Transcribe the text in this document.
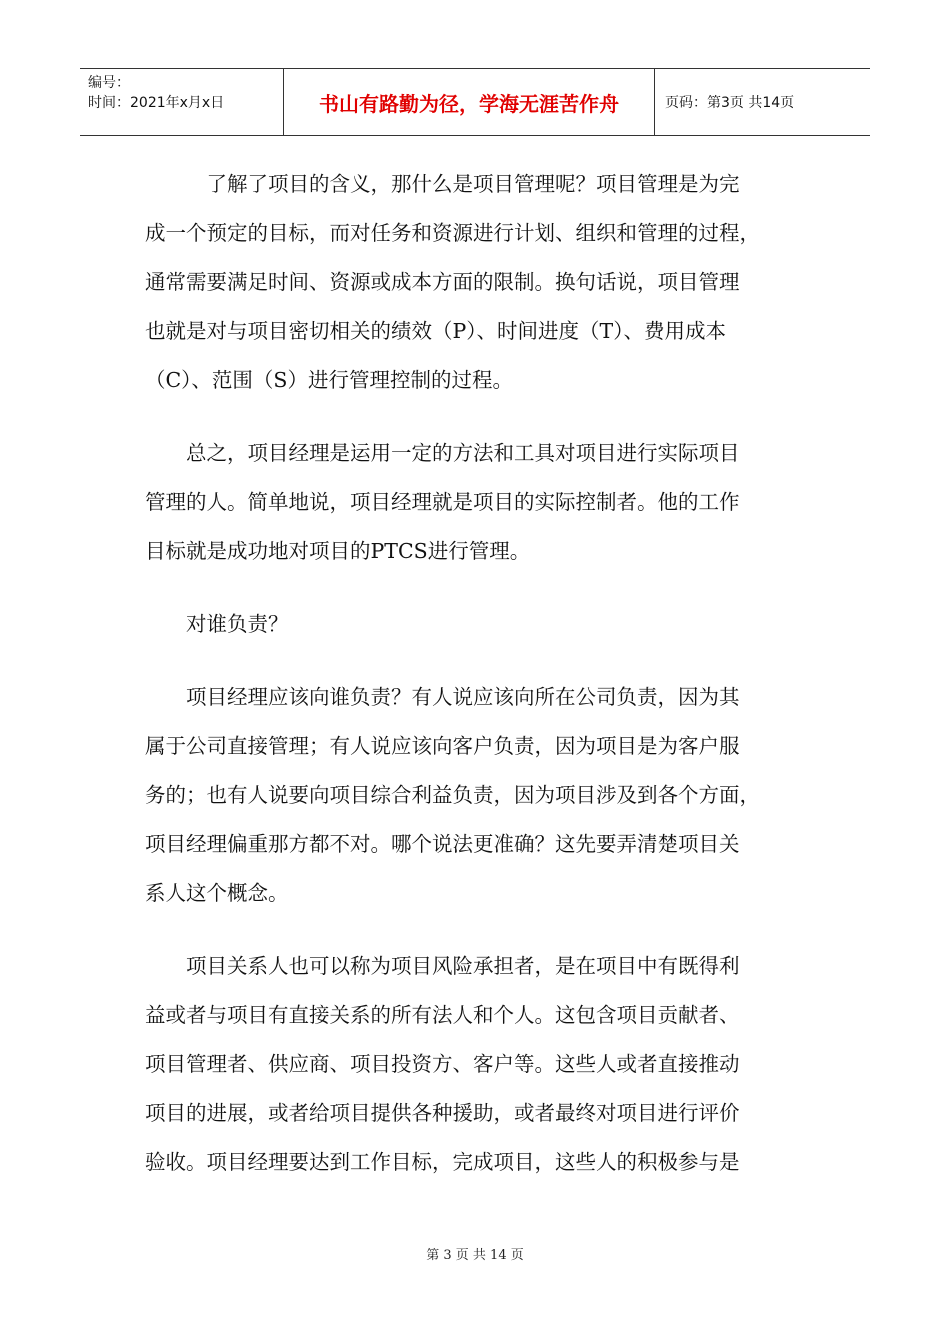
编号：
时间：2021年x月x日	书山有路勤为径，学海无涯苦作舟	页码：第3页 共14页
　　　了解了项目的含义，那什么是项目管理呢？项目管理是为完
成一个预定的目标，而对任务和资源进行计划、组织和管理的过程，
通常需要满足时间、资源或成本方面的限制。换句话说，项目管理
也就是对与项目密切相关的绩效（P）、时间进度（T）、费用成本
（C）、范围（S）进行管理控制的过程。
　　总之，项目经理是运用一定的方法和工具对项目进行实际项目
管理的人。简单地说，项目经理就是项目的实际控制者。他的工作
目标就是成功地对项目的PTCS进行管理。
　　对谁负责？
　　项目经理应该向谁负责？有人说应该向所在公司负责，因为其
属于公司直接管理；有人说应该向客户负责，因为项目是为客户服
务的；也有人说要向项目综合利益负责，因为项目涉及到各个方面，
项目经理偏重那方都不对。哪个说法更准确？这先要弄清楚项目关
系人这个概念。
　　项目关系人也可以称为项目风险承担者，是在项目中有既得利
益或者与项目有直接关系的所有法人和个人。这包含项目贡献者、
项目管理者、供应商、项目投资方、客户等。这些人或者直接推动
项目的进展，或者给项目提供各种援助，或者最终对项目进行评价
验收。项目经理要达到工作目标，完成项目，这些人的积极参与是
第 3 页 共 14 页
